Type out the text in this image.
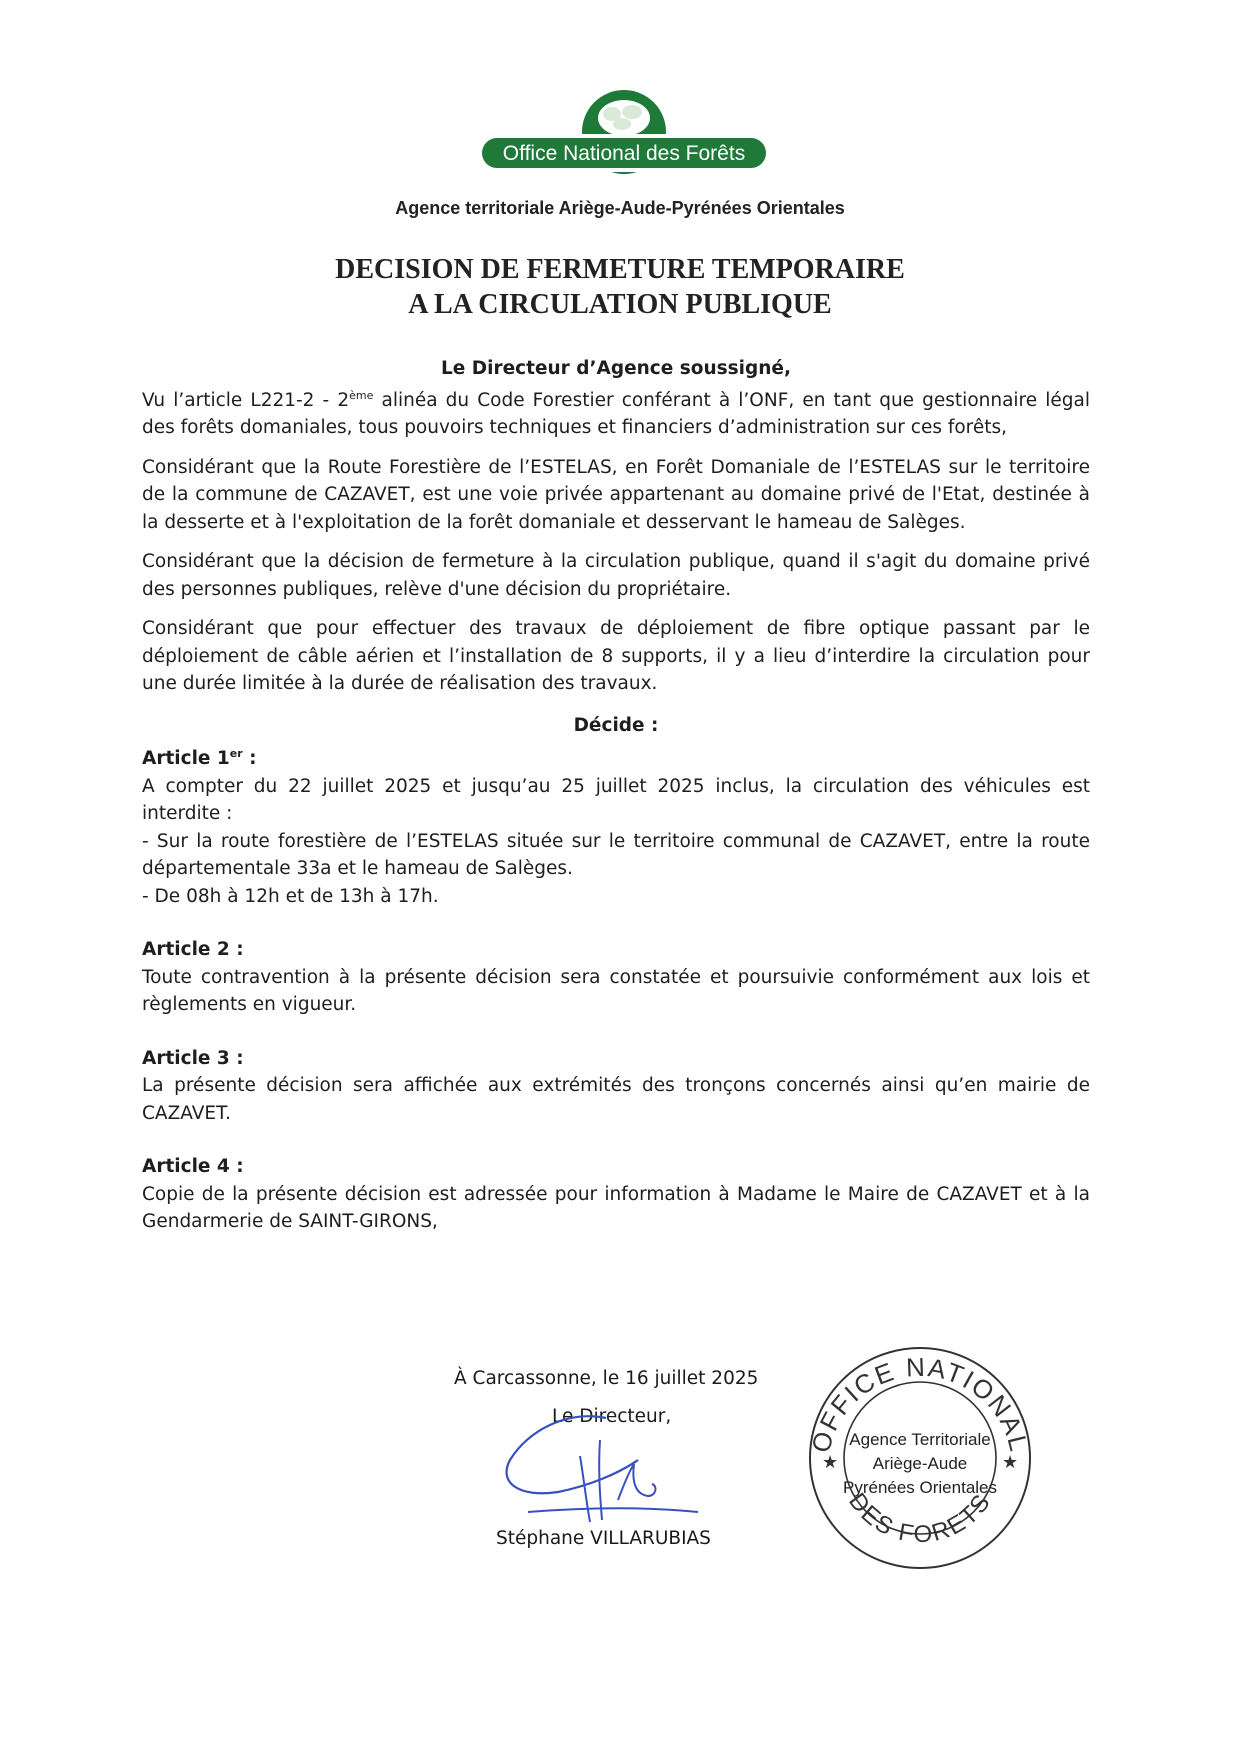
Office National des Forêts
Agence territoriale Ariège-Aude-Pyrénées Orientales
DECISION DE FERMETURE TEMPORAIRE
A LA CIRCULATION PUBLIQUE

Le Directeur d’Agence soussigné,

Vu l’article L221-2 - 2ème alinéa du Code Forestier conférant à l’ONF, en tant que gestionnaire légal des forêts domaniales, tous pouvoirs techniques et financiers d’administration sur ces forêts,

Considérant que la Route Forestière de l’ESTELAS, en Forêt Domaniale de l’ESTELAS sur le territoire de la commune de CAZAVET, est une voie privée appartenant au domaine privé de l'Etat, destinée à la desserte et à l'exploitation de la forêt domaniale et desservant le hameau de Salèges.

Considérant que la décision de fermeture à la circulation publique, quand il s'agit du domaine privé des personnes publiques, relève d'une décision du propriétaire.

Considérant que pour effectuer des travaux de déploiement de fibre optique passant par le déploiement de câble aérien et l’installation de 8 supports, il y a lieu d’interdire la circulation pour une durée limitée à la durée de réalisation des travaux.

Décide :

Article 1er :

A compter du 22 juillet 2025 et jusqu’au 25 juillet 2025 inclus, la circulation des véhicules est interdite :
- Sur la route forestière de l’ESTELAS située sur le territoire communal de CAZAVET, entre la route départementale 33a et le hameau de Salèges.
- De 08h à 12h et de 13h à 17h.

Article 2 :

Toute contravention à la présente décision sera constatée et poursuivie conformément aux lois et règlements en vigueur.

Article 3 :

La présente décision sera affichée aux extrémités des tronçons concernés ainsi qu’en mairie de CAZAVET.

Article 4 :

Copie de la présente décision est adressée pour information à Madame le Maire de CAZAVET et à la Gendarmerie de SAINT-GIRONS,

À Carcassonne, le 16 juillet 2025
Le Directeur,
Stéphane VILLARUBIAS
OFFICE NATIONAL
DES FORETS
★	★
Agence Territoriale
Ariège-Aude
Pyrénées Orientales
